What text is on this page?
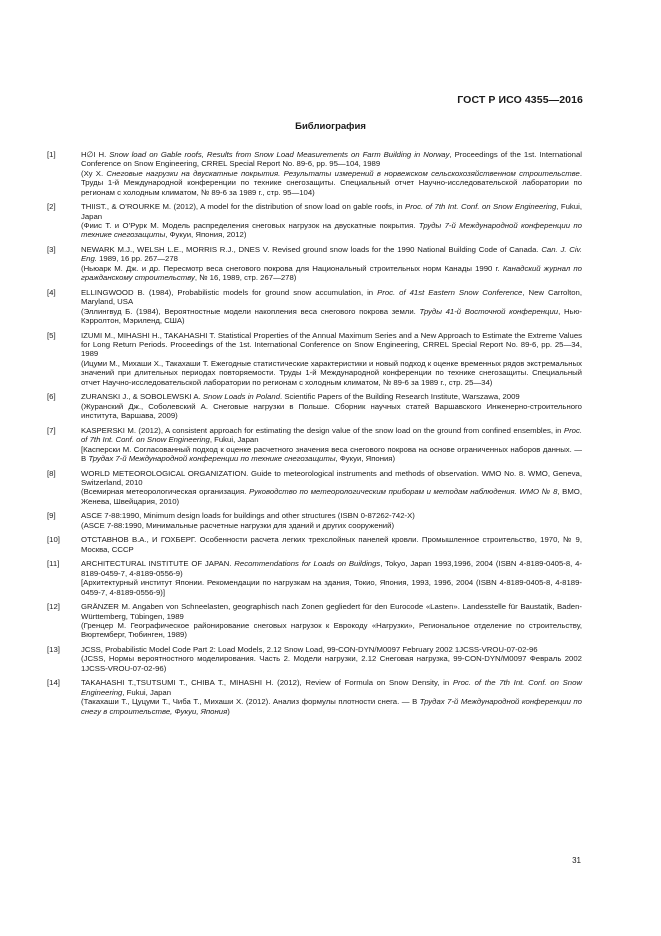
ГОСТ Р ИСО 4355—2016
Библиография
[1]	H∅I H. Snow load on Gable roofs, Results from Snow Load Measurements on Farm Building in Norway, Proceedings of the 1st. International Conference on Snow Engineering, CRREL Special Report No. 89-6, pp. 95—104, 1989

(Ху Х. Снеговые нагрузки на двускатные покрытия. Результаты измерений в норвежском сельскохозяйственном строительстве. Труды 1-й Международной конференции по технике снегозащиты. Специальный отчет Научно-исследовательской лаборатории по регионам с холодным климатом, № 89-6 за 1989 г., стр. 95—104)

[2]	THIIST., & O’ROURKE M. (2012), A model for the distribution of snow load on gable roofs, in Proc. of 7th Int. Conf. on Snow Engineering, Fukui, Japan

(Фиис Т. и О’Рурк М. Модель распределения снеговых нагрузок на двускатные покрытия. Труды 7-й Международной конференции по технике снегозащиты, Фукуи, Япония, 2012)

[3]	NEWARK M.J., WELSH L.E., MORRIS R.J., DNES V. Revised ground snow loads for the 1990 National Building Code of Canada. Can. J. Civ. Eng. 1989, 16 pp. 267—278

(Ньюарк М. Дж. и др. Пересмотр веса снегового покрова для Национальный строительных норм Канады 1990 г. Канадский журнал по гражданскому строительству, № 16, 1989, стр. 267—278)

[4]	ELLINGWOOD B. (1984), Probabilistic models for ground snow accumulation, in Proc. of 41st Eastern Snow Conference, New Carrolton, Maryland, USA

(Эллингвуд Б. (1984), Вероятностные модели накопления веса снегового покрова земли. Труды 41-й Восточной конференции, Нью-Кэрролтон, Мэриленд, США)

[5]	IZUMI M., MIHASHI H., TAKAHASHI T. Statistical Properties of the Annual Maximum Series and a New Approach to Estimate the Extreme Values for Long Return Periods. Proceedings of the 1st. International Conference on Snow Engineering, CRREL Special Report No. 89-6, pp. 25—34, 1989

(Ицуми М., Михаши Х., Такахаши Т. Ежегодные статистические характеристики и новый подход к оценке временных рядов экстремальных значений при длительных периодах повторяемости. Труды 1-й Международной конференции по технике снегозащиты. Специальный отчет Научно-исследовательской лаборатории по регионам с холодным климатом, № 89-6 за 1989 г., стр. 25—34)

[6]	ZURANSKI J., & SOBOLEWSKI A. Snow Loads in Poland. Scientific Papers of the Building Research Institute, Warszawa, 2009

(Журанский Дж., Соболевский А. Снеговые нагрузки в Польше. Сборник научных статей Варшавского Инженерно-строительного института, Варшава, 2009)

[7]	KASPERSKI M. (2012), A consistent approach for estimating the design value of the snow load on the ground from confined ensembles, in Proc. of 7th Int. Conf. on Snow Engineering, Fukui, Japan

[Касперски М. Согласованный подход к оценке расчетного значения веса снегового покрова на основе ограниченных наборов данных. — В Трудах 7-й Международной конференции по технике снегозащиты, Фукуи, Япония)

[8]	WORLD METEOROLOGICAL ORGANIZATION. Guide to meteorological instruments and methods of observation. WMO No. 8. WMO, Geneva, Switzerland, 2010

(Всемирная метеорологическая организация. Руководство по метеорологическим приборам и методам наблюдения. WMO № 8, ВМО, Женева, Швейцария, 2010)

[9]	ASCE 7-88:1990, Minimum design loads for buildings and other structures (ISBN 0-87262-742-X)

(ASCE 7-88:1990, Минимальные расчетные нагрузки для зданий и других сооружений)

[10]	ОТСТАВНОВ В.А., И ГОХБЕРГ. Особенности расчета легких трехслойных панелей кровли. Промышленное строительство, 1970, № 9, Москва, СССР

[11]	ARCHITECTURAL INSTITUTE OF JAPAN. Recommendations for Loads on Buildings, Tokyo, Japan 1993,1996, 2004 (ISBN 4-8189-0405-8, 4-8189-0459-7, 4-8189-0556-9)

[Архитектурный институт Японии. Рекомендации по нагрузкам на здания, Токио, Япония, 1993, 1996, 2004 (ISBN 4-8189-0405-8, 4-8189-0459-7, 4-8189-0556-9)]

[12]	GRÄNZER M. Angaben von Schneelasten, geographisch nach Zonen gegliedert für den Eurocode «Lasten». Landesstelle für Baustatik, Baden-Württemberg, Tübingen, 1989

(Гренцер М. Географическое районирование снеговых нагрузок к Еврокоду «Нагрузки», Региональное отделение по строительству, Вюртемберг, Тюбинген, 1989)

[13]	JCSS, Probabilistic Model Code Part 2: Load Models, 2.12 Snow Load, 99-CON-DYN/M0097 February 2002 1JCSS-VROU-07-02-96

(JCSS, Нормы вероятностного моделирования. Часть 2. Модели нагрузки, 2.12 Снеговая нагрузка, 99-CON-DYN/M0097 Февраль 2002 1JCSS-VROU-07-02-96)

[14]	TAKAHASHI T.,TSUTSUMI T., CHIBA T., MIHASHI H. (2012), Review of Formula on Snow Density, in Proc. of the 7th Int. Conf. on Snow Engineering, Fukui, Japan

(Такахаши Т., Цуцуми Т., Чиба Т., Михаши Х. (2012). Анализ формулы плотности снега. — В Трудах 7-й Международной конференции по снегу в строительстве, Фукуи, Япония)

31
